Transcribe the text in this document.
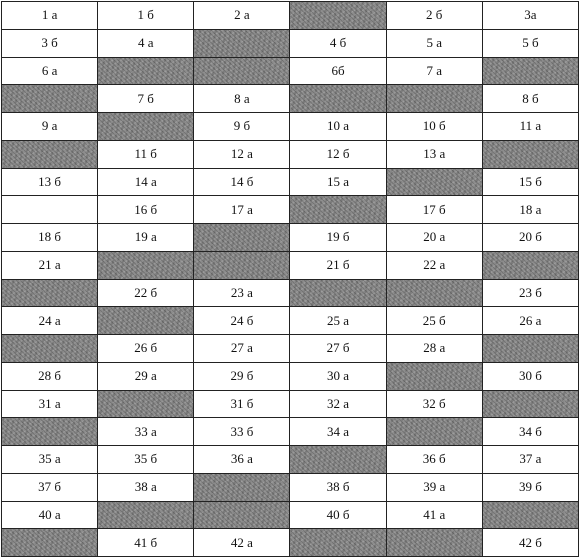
1 а	1 б	2 а		2 б	3а
3 б	4 а		4 б	5 а	5 б
6 а			6б	7 а	
	7 б	8 а			8 б
9 а		9 б	10 а	10 б	11 а
	11 б	12 а	12 б	13 а	
13 б	14 а	14 б	15 а		15 б
	16 б	17 а		17 б	18 а
18 б	19 а		19 б	20 а	20 б
21 а			21 б	22 а	
	22 б	23 а			23 б
24 а		24 б	25 а	25 б	26 а
	26 б	27 а	27 б	28 а	
28 б	29 а	29 б	30 а		30 б
31 а		31 б	32 а	32 б	
	33 а	33 б	34 а		34 б
35 а	35 б	36 а		36 б	37 а
37 б	38 а		38 б	39 а	39 б
40 а			40 б	41 а	
	41 б	42 а			42 б
